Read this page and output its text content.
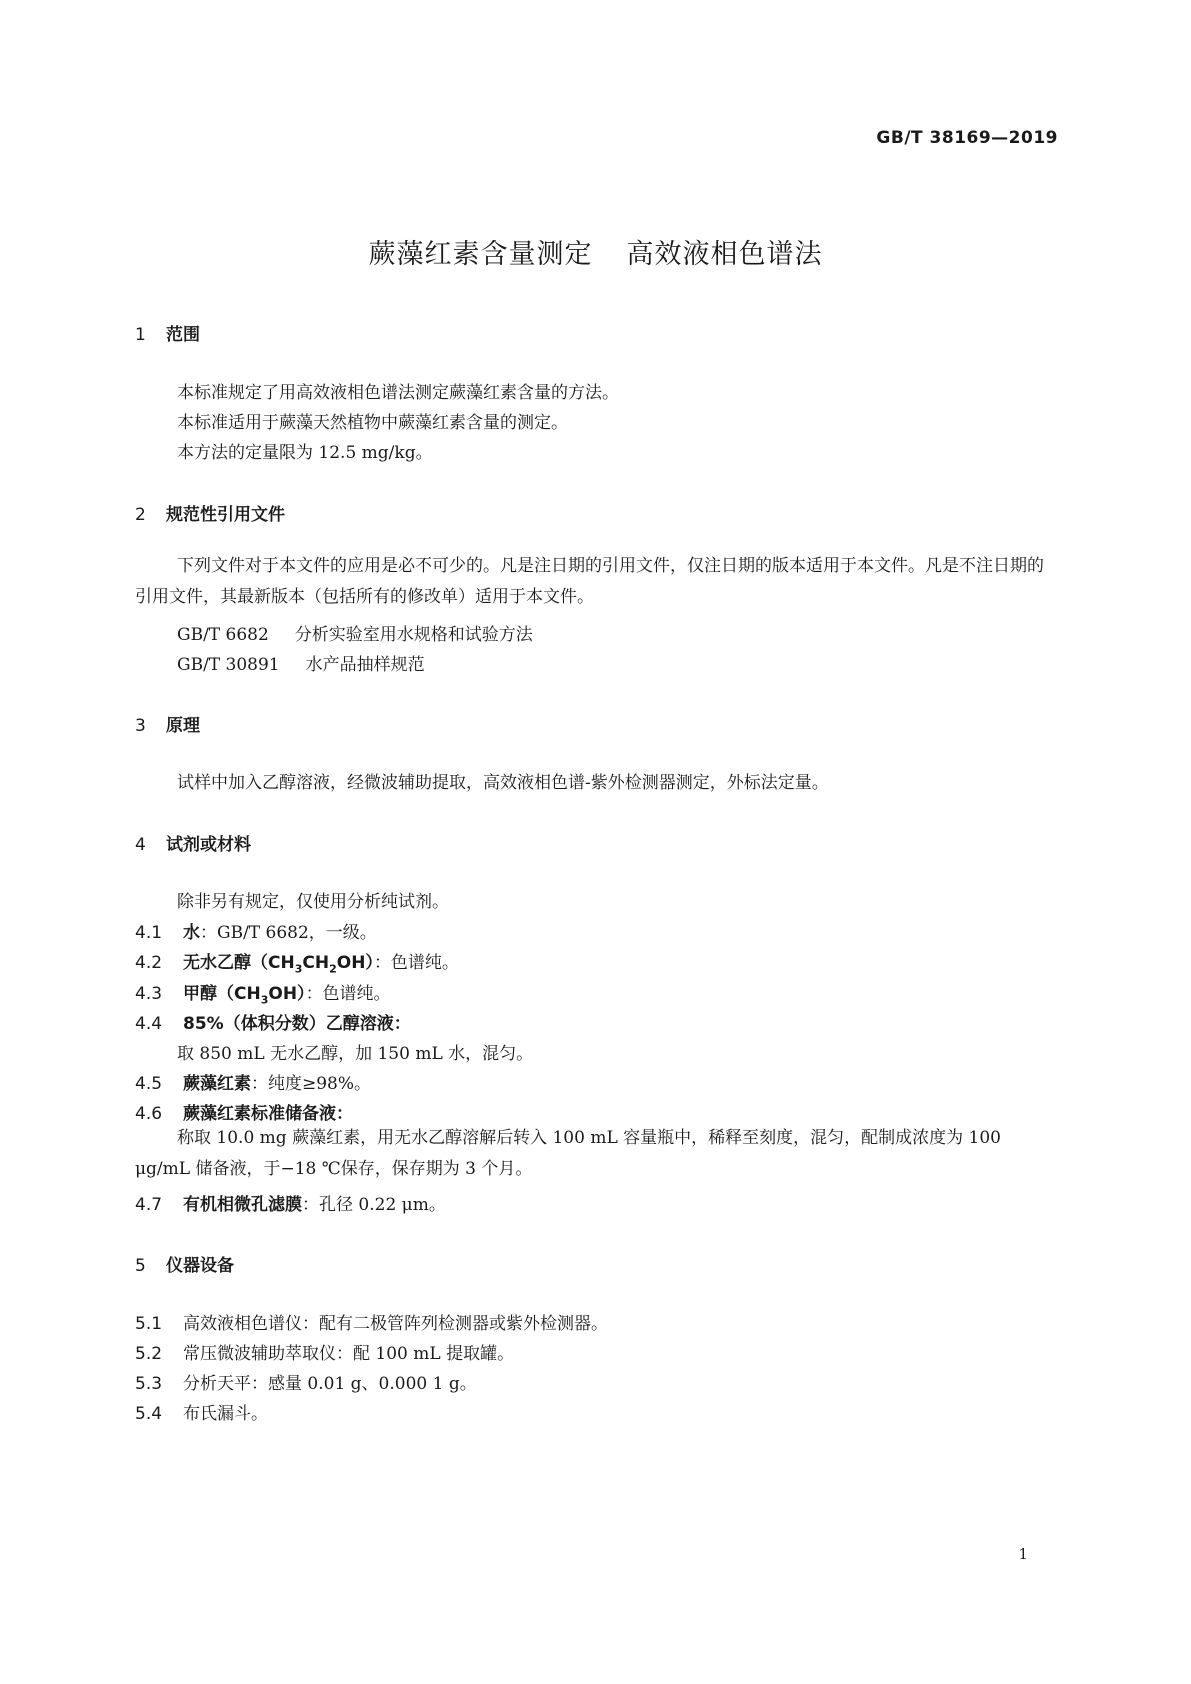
GB/T 38169—2019
蕨藻红素含量测定 高效液相色谱法
1 范围
本标准规定了用高效液相色谱法测定蕨藻红素含量的方法。
本标准适用于蕨藻天然植物中蕨藻红素含量的测定。
本方法的定量限为 12.5 mg/kg。
2 规范性引用文件
下列文件对于本文件的应用是必不可少的。凡是注日期的引用文件，仅注日期的版本适用于本文件。凡是不注日期的引用文件，其最新版本（包括所有的修改单）适用于本文件。
GB/T 6682 分析实验室用水规格和试验方法
GB/T 30891 水产品抽样规范
3 原理
试样中加入乙醇溶液，经微波辅助提取，高效液相色谱-紫外检测器测定，外标法定量。
4 试剂或材料
除非另有规定，仅使用分析纯试剂。
4.1 水：GB/T 6682，一级。
4.2 无水乙醇$(CH_3CH_2OH)$：色谱纯。
4.3 甲醇$(CH_3OH)$：色谱纯。
4.4 85%（体积分数）乙醇溶液：
取 850 mL 无水乙醇，加 150 mL 水，混匀。
4.5 蕨藻红素：纯度≥98%。
4.6 蕨藻红素标准储备液：
称取 10.0 mg 蕨藻红素，用无水乙醇溶解后转入 100 mL 容量瓶中，稀释至刻度，混匀，配制成浓度为 100 μg/mL 储备液，于−18 ℃保存，保存期为 3 个月。
4.7 有机相微孔滤膜：孔径 0.22 μm。
5 仪器设备
5.1 高效液相色谱仪：配有二极管阵列检测器或紫外检测器。
5.2 常压微波辅助萃取仪：配 100 mL 提取罐。
5.3 分析天平：感量 0.01 g、0.000 1 g。
5.4 布氏漏斗。
1
